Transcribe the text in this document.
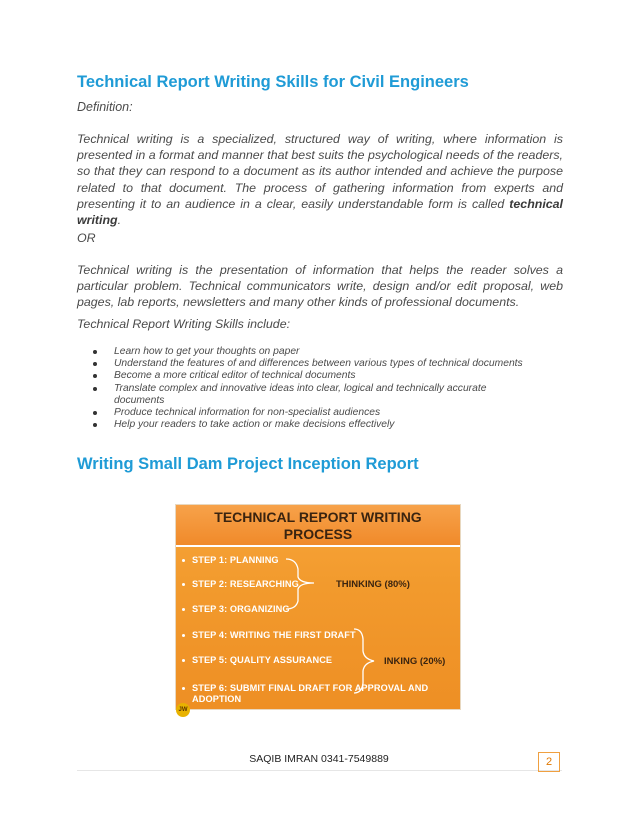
Technical Report Writing Skills for Civil Engineers
Definition:

Technical writing is a specialized, structured way of writing, where information is presented in a format and manner that best suits the psychological needs of the readers, so that they can respond to a document as its author intended and achieve the purpose related to that document. The process of gathering information from experts and presenting it to an audience in a clear, easily understandable form is called technical writing.

OR

Technical writing is the presentation of information that helps the reader solves a particular problem. Technical communicators write, design and/or edit proposal, web pages, lab reports, newsletters and many other kinds of professional documents.

Technical Report Writing Skills include:

Learn how to get your thoughts on paper
Understand the features of and differences between various types of technical documents
Become a more critical editor of technical documents
Translate complex and innovative ideas into clear, logical and technically accurate documents
Produce technical information for non-specialist audiences
Help your readers to take action or make decisions effectively
Writing Small Dam Project Inception Report
TECHNICAL REPORT WRITING
PROCESS
STEP 1: PLANNING
STEP 2: RESEARCHING
STEP 3: ORGANIZING
STEP 4: WRITING THE FIRST DRAFT
STEP 5: QUALITY ASSURANCE
STEP 6: SUBMIT FINAL DRAFT FOR APPROVAL AND
ADOPTION
THINKING (80%)
INKING (20%)
JW
SAQIB IMRAN 0341-7549889	2
